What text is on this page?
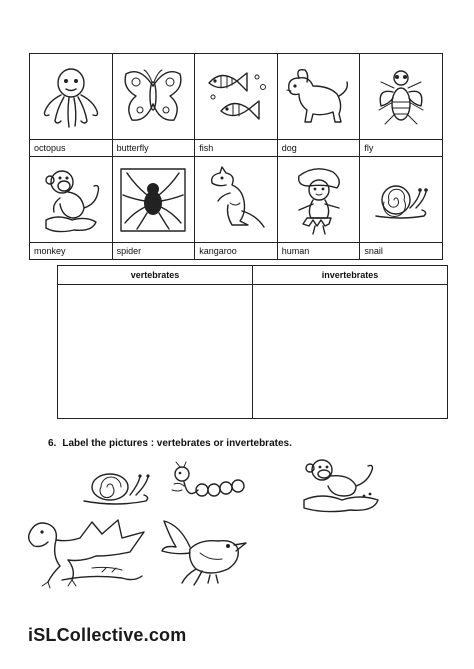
octopus	butterfly	fish	dog	fly

monkey	spider	kangaroo	human	snail
vertebrates	invertebrates

6. Label the pictures : vertebrates or invertebrates.
iSLCollective.com
